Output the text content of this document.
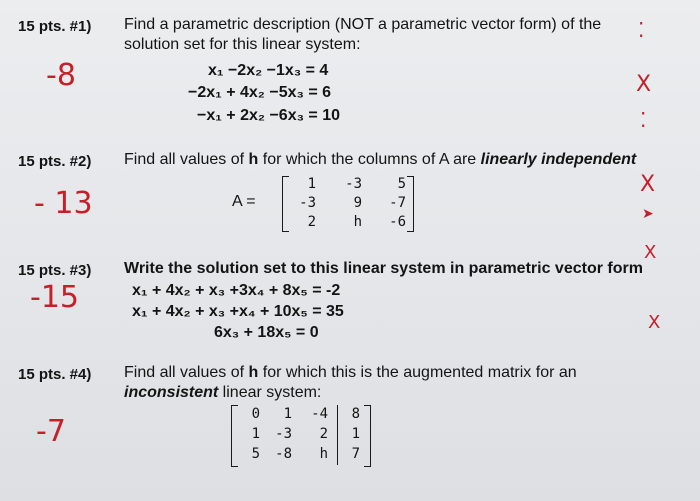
15 pts. #1) Find a parametric description (NOT a parametric vector form) of the
solution set for this linear system:
x₁ −2x₂ −1x₃ = 4
−2x₁ + 4x₂ −5x₃ = 6
−x₁ + 2x₂ −6x₃ = 10
-8
⁚
X
⁚
15 pts. #2) Find all values of h for which the columns of A are linearly independent
A =
1	-3	5
-3	9	-7
2	h	-6
- 13
X
➤
15 pts. #3) Write the solution set to this linear system in parametric vector form
x₁ + 4x₂ + x₃ +3x₄ + 8x₅ = -2
x₁ + 4x₂ + x₃ +x₄ + 10x₅ = 35
6x₃ + 18x₅ = 0
-15
X
X
15 pts. #4) Find all values of h for which this is the augmented matrix for an
inconsistent linear system:
0	1	-4	8
1	-3	2	1
5	-8	h	7
-7
